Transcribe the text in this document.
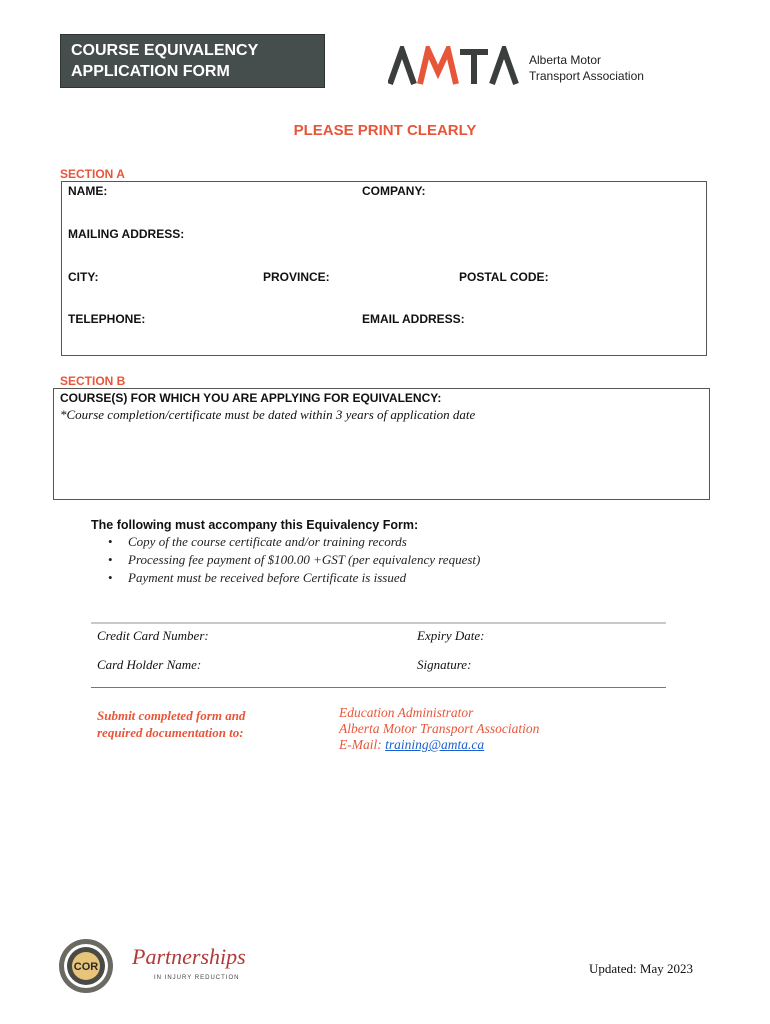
COURSE EQUIVALENCY
APPLICATION FORM
Alberta Motor
Transport Association
PLEASE PRINT CLEARLY
SECTION A
NAME:	COMPANY:
MAILING ADDRESS:
CITY:	PROVINCE:	POSTAL CODE:
TELEPHONE:	EMAIL ADDRESS:
SECTION B
COURSE(S) FOR WHICH YOU ARE APPLYING FOR EQUIVALENCY:
*Course completion/certificate must be dated within 3 years of application date
The following must accompany this Equivalency Form:
• Copy of the course certificate and/or training records
• Processing fee payment of $100.00 +GST (per equivalency request)
• Payment must be received before Certificate is issued
Credit Card Number:	Expiry Date:
Card Holder Name:	Signature:
Submit completed form and
required documentation to:
Education Administrator
Alberta Motor Transport Association
E-Mail: training@amta.ca
COR Partnerships
IN INJURY REDUCTION
Updated: May 2023
